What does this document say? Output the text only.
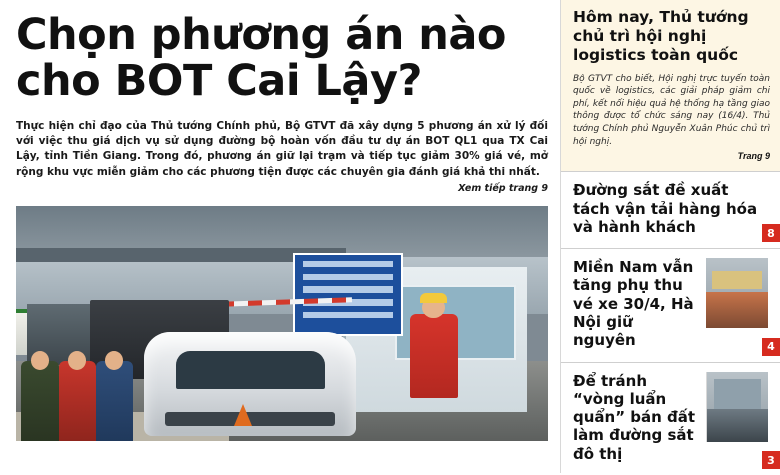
Chọn phương án nào
cho BOT Cai Lậy?
Thực hiện chỉ đạo của Thủ tướng Chính phủ, Bộ GTVT đã xây dựng 5 phương án xử lý đối với việc thu giá dịch vụ sử dụng đường bộ hoàn vốn đầu tư dự án BOT QL1 qua TX Cai Lậy, tỉnh Tiền Giang. Trong đó, phương án giữ lại trạm và tiếp tục giảm 30% giá vé, mở rộng khu vực miễn giảm cho các phương tiện được các chuyên gia đánh giá khả thi nhất.
Xem tiếp trang 9
Hôm nay, Thủ tướng chủ trì hội nghị logistics toàn quốc

Bộ GTVT cho biết, Hội nghị trực tuyến toàn quốc về logistics, các giải pháp giảm chi phí, kết nối hiệu quả hệ thống hạ tầng giao thông được tổ chức sáng nay (16/4). Thủ tướng Chính phủ Nguyễn Xuân Phúc chủ trì hội nghị.

Trang 9
Đường sắt đề xuất tách vận tải hàng hóa và hành khách	8
Miền Nam vẫn tăng phụ thu vé xe 30/4, Hà Nội giữ nguyên	4
Để tránh “vòng luẩn quẩn” bán đất làm đường sắt đô thị	3
